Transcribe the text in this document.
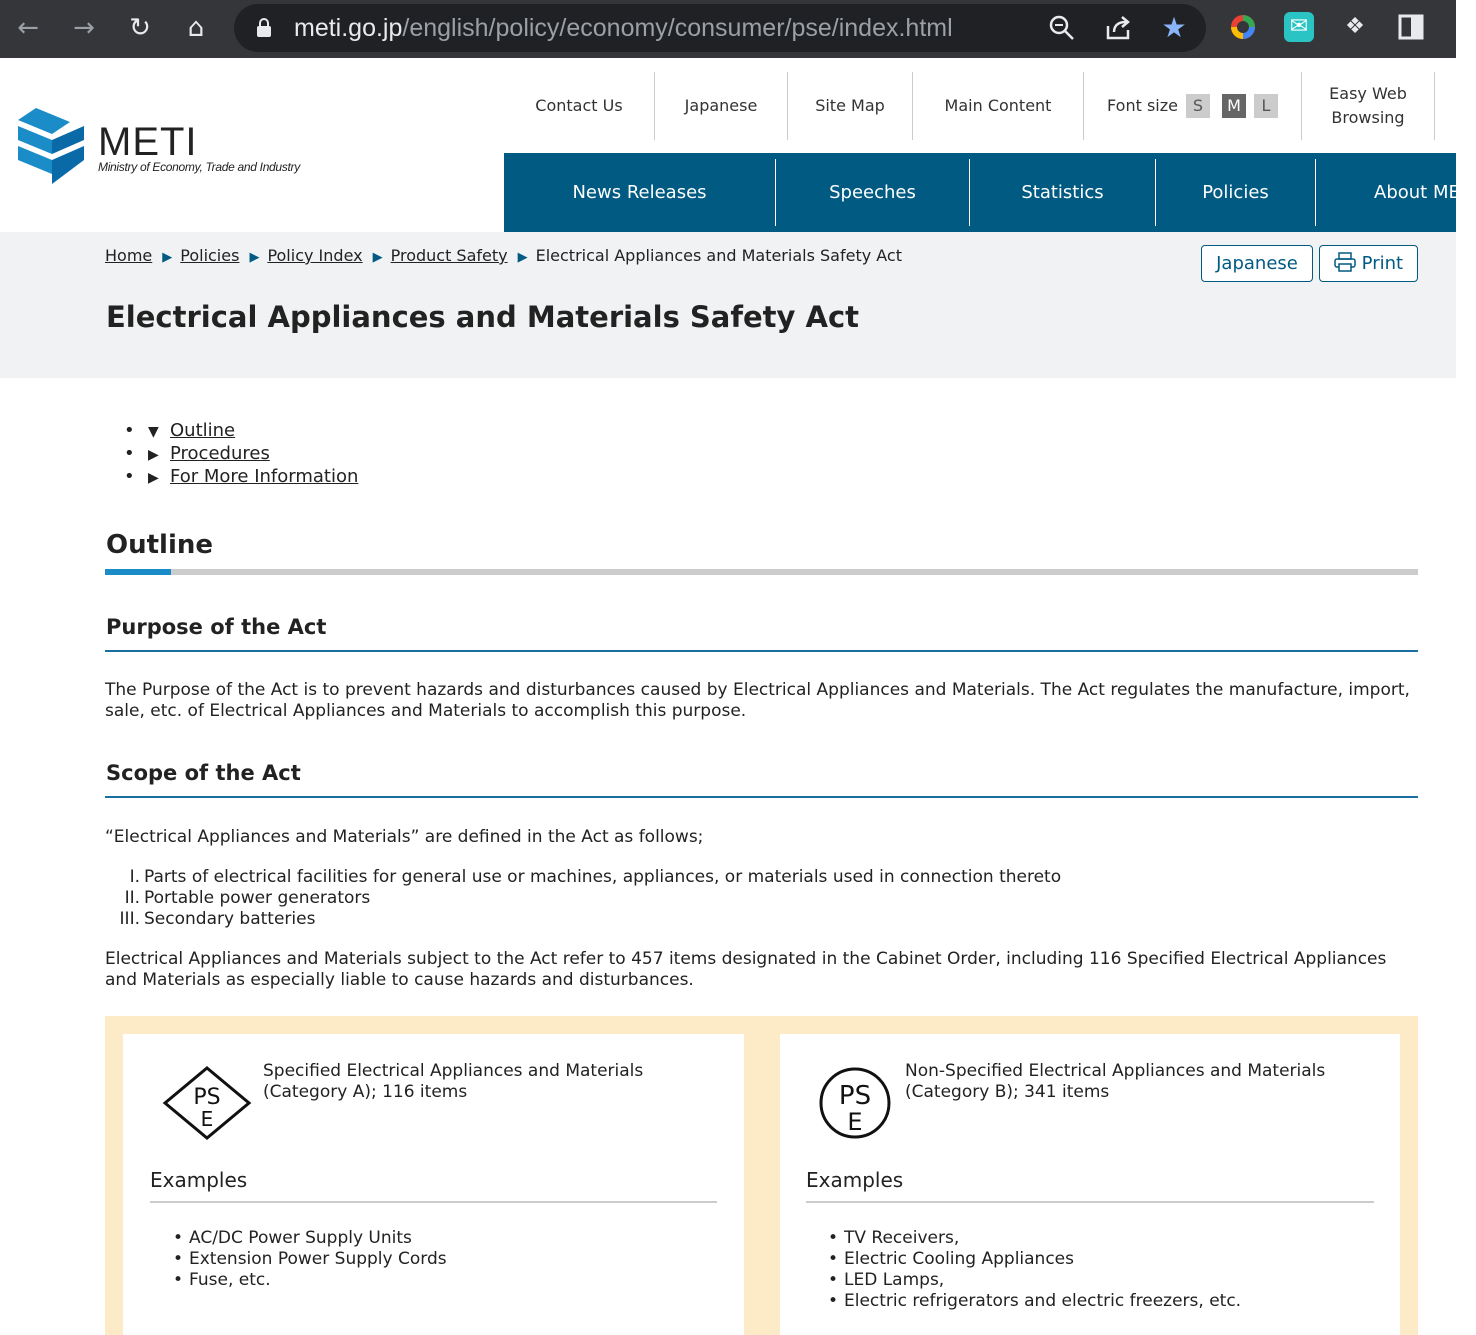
← → ↻	⌂	meti.go.jp/english/policy/economy/consumer/pse/index.html	★	✉ ❖
METI
Ministry of Economy, Trade and Industry
Contact Us	Japanese	Site Map	Main Content	Font size S	M	L
Easy Web
Browsing
News Releases	Speeches	Statistics	Policies	About METI
Home ▶ Policies ▶ Policy Index ▶ Product Safety ▶ Electrical Appliances and Materials Safety Act	Japanese	Print
Electrical Appliances and Materials Safety Act
• ▼ Outline
• ▶ Procedures
• ▶ For More Information
Outline
Purpose of the Act

The Purpose of the Act is to prevent hazards and disturbances caused by Electrical Appliances and Materials. The Act regulates the manufacture, import, sale, etc. of Electrical Appliances and Materials to accomplish this purpose.

Scope of the Act

“Electrical Appliances and Materials” are defined in the Act as follows;

I. Parts of electrical facilities for general use or machines, appliances, or materials used in connection thereto
II. Portable power generators
III. Secondary batteries

Electrical Appliances and Materials subject to the Act refer to 457 items designated in the Cabinet Order, including 116 Specified Electrical Appliances and Materials as especially liable to cause hazards and disturbances.

PS
E
Specified Electrical Appliances and Materials
(Category A); 116 items
Examples
• AC/DC Power Supply Units
• Extension Power Supply Cords
• Fuse, etc.
PS
E
Non-Specified Electrical Appliances and Materials
(Category B); 341 items
Examples
• TV Receivers,
• Electric Cooling Appliances
• LED Lamps,
• Electric refrigerators and electric freezers, etc.
